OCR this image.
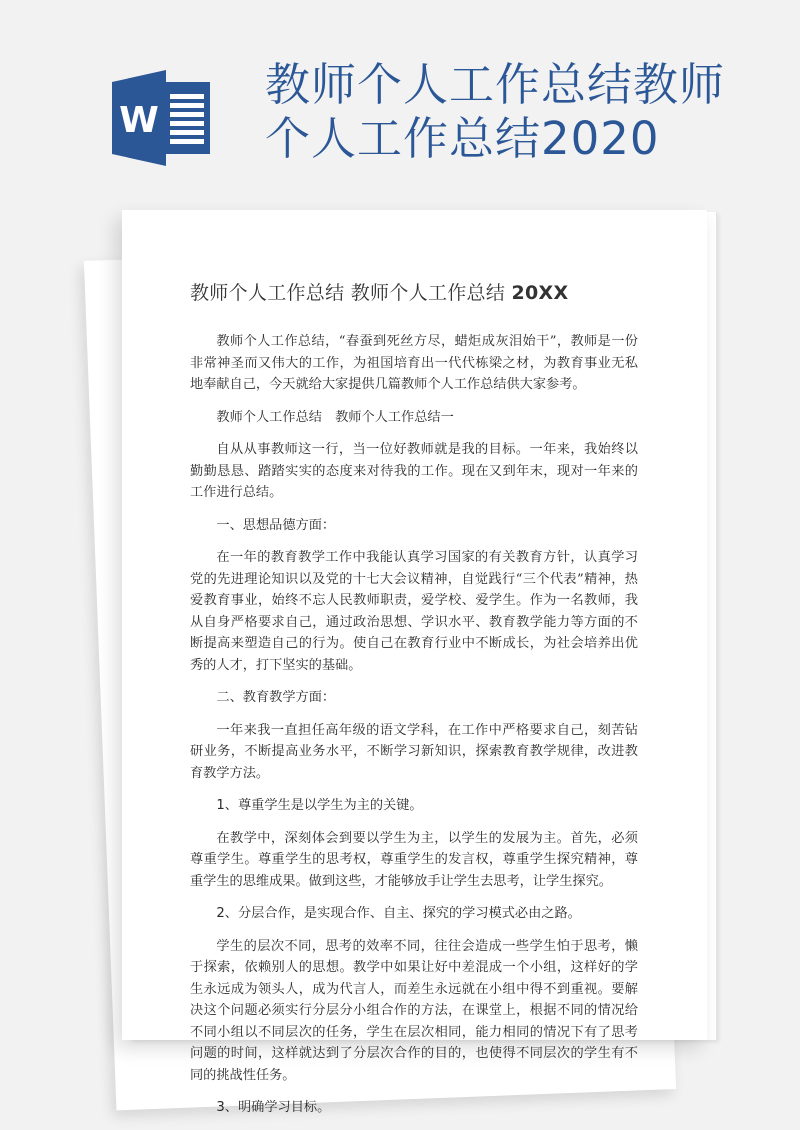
W
教师个人工作总结教师
个人工作总结2020
教师个人工作总结 教师个人工作总结 20XX

教师个人工作总结，“春蚕到死丝方尽，蜡炬成灰泪始干”，教师是一份非常神圣而又伟大的工作，为祖国培育出一代代栋梁之材，为教育事业无私地奉献自己，今天就给大家提供几篇教师个人工作总结供大家参考。

教师个人工作总结　教师个人工作总结一

自从从事教师这一行，当一位好教师就是我的目标。一年来，我始终以勤勤恳恳、踏踏实实的态度来对待我的工作。现在又到年末，现对一年来的工作进行总结。

一、思想品德方面：

在一年的教育教学工作中我能认真学习国家的有关教育方针，认真学习党的先进理论知识以及党的十七大会议精神，自觉践行“三个代表”精神，热爱教育事业，始终不忘人民教师职责，爱学校、爱学生。作为一名教师，我从自身严格要求自己，通过政治思想、学识水平、教育教学能力等方面的不断提高来塑造自己的行为。使自己在教育行业中不断成长，为社会培养出优秀的人才，打下坚实的基础。

二、教育教学方面：

一年来我一直担任高年级的语文学科，在工作中严格要求自己，刻苦钻研业务，不断提高业务水平，不断学习新知识，探索教育教学规律，改进教育教学方法。

1、尊重学生是以学生为主的关键。

在教学中，深刻体会到要以学生为主，以学生的发展为主。首先，必须尊重学生。尊重学生的思考权，尊重学生的发言权，尊重学生探究精神，尊重学生的思维成果。做到这些，才能够放手让学生去思考，让学生探究。

2、分层合作，是实现合作、自主、探究的学习模式必由之路。

学生的层次不同，思考的效率不同，往往会造成一些学生怕于思考，懒于探索，依赖别人的思想。教学中如果让好中差混成一个小组，这样好的学生永远成为领头人，成为代言人，而差生永远就在小组中得不到重视。要解决这个问题必须实行分层分小组合作的方法，在课堂上，根据不同的情况给不同小组以不同层次的任务，学生在层次相同，能力相同的情况下有了思考问题的时间，这样就达到了分层次合作的目的，也使得不同层次的学生有不同的挑战性任务。

3、明确学习目标。
